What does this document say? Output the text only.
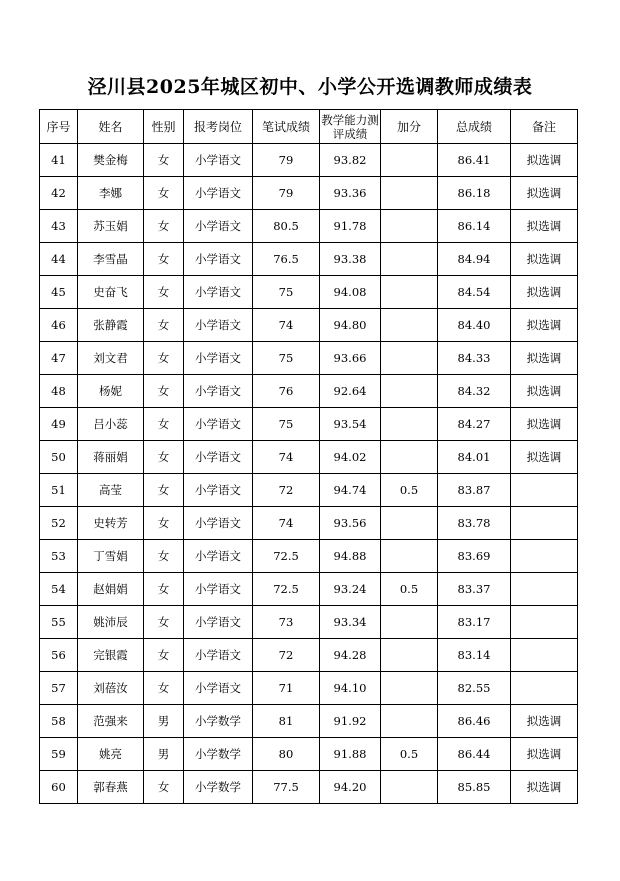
泾川县2025年城区初中、小学公开选调教师成绩表
序号	姓名	性别	报考岗位	笔试成绩	教学能力测评成绩	加分	总成绩	备注
41	樊金梅	女	小学语文	79	93.82		86.41	拟选调
42	李娜	女	小学语文	79	93.36		86.18	拟选调
43	苏玉娟	女	小学语文	80.5	91.78		86.14	拟选调
44	李雪晶	女	小学语文	76.5	93.38		84.94	拟选调
45	史奋飞	女	小学语文	75	94.08		84.54	拟选调
46	张静霞	女	小学语文	74	94.80		84.40	拟选调
47	刘文君	女	小学语文	75	93.66		84.33	拟选调
48	杨妮	女	小学语文	76	92.64		84.32	拟选调
49	吕小蕊	女	小学语文	75	93.54		84.27	拟选调
50	蒋丽娟	女	小学语文	74	94.02		84.01	拟选调
51	高莹	女	小学语文	72	94.74	0.5	83.87	
52	史转芳	女	小学语文	74	93.56		83.78	
53	丁雪娟	女	小学语文	72.5	94.88		83.69	
54	赵娟娟	女	小学语文	72.5	93.24	0.5	83.37	
55	姚沛辰	女	小学语文	73	93.34		83.17	
56	完银霞	女	小学语文	72	94.28		83.14	
57	刘蓓汝	女	小学语文	71	94.10		82.55	
58	范强来	男	小学数学	81	91.92		86.46	拟选调
59	姚亮	男	小学数学	80	91.88	0.5	86.44	拟选调
60	郭春燕	女	小学数学	77.5	94.20		85.85	拟选调
